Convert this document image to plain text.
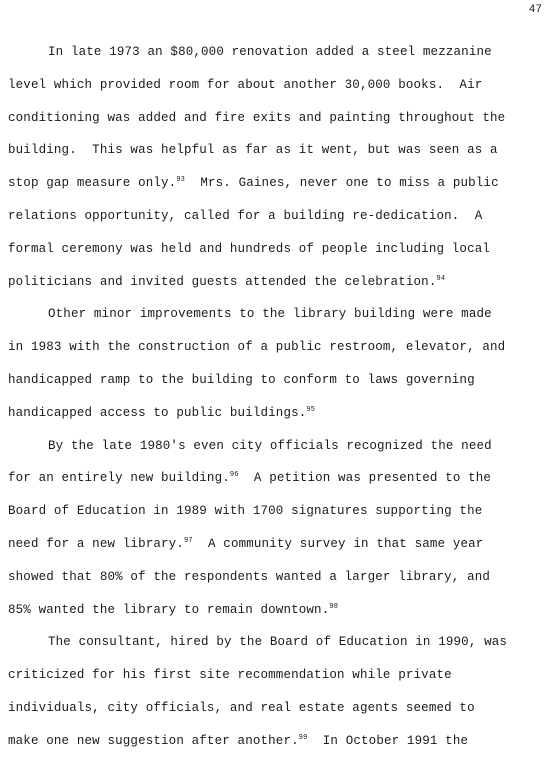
47
In late 1973 an $80,000 renovation added a steel mezzanine
level which provided room for about another 30,000 books.  Air
conditioning was added and fire exits and painting throughout the
building.  This was helpful as far as it went, but was seen as a
stop gap measure only.$^{93}$  Mrs. Gaines, never one to miss a public
relations opportunity, called for a building re-dedication.  A
formal ceremony was held and hundreds of people including local
politicians and invited guests attended the celebration.$^{94}$
Other minor improvements to the library building were made
in 1983 with the construction of a public restroom, elevator, and
handicapped ramp to the building to conform to laws governing
handicapped access to public buildings.$^{95}$
By the late 1980's even city officials recognized the need
for an entirely new building.$^{96}$  A petition was presented to the
Board of Education in 1989 with 1700 signatures supporting the
need for a new library.$^{97}$  A community survey in that same year
showed that 80% of the respondents wanted a larger library, and
85% wanted the library to remain downtown.$^{98}$
The consultant, hired by the Board of Education in 1990, was
criticized for his first site recommendation while private
individuals, city officials, and real estate agents seemed to
make one new suggestion after another.$^{99}$  In October 1991 the
